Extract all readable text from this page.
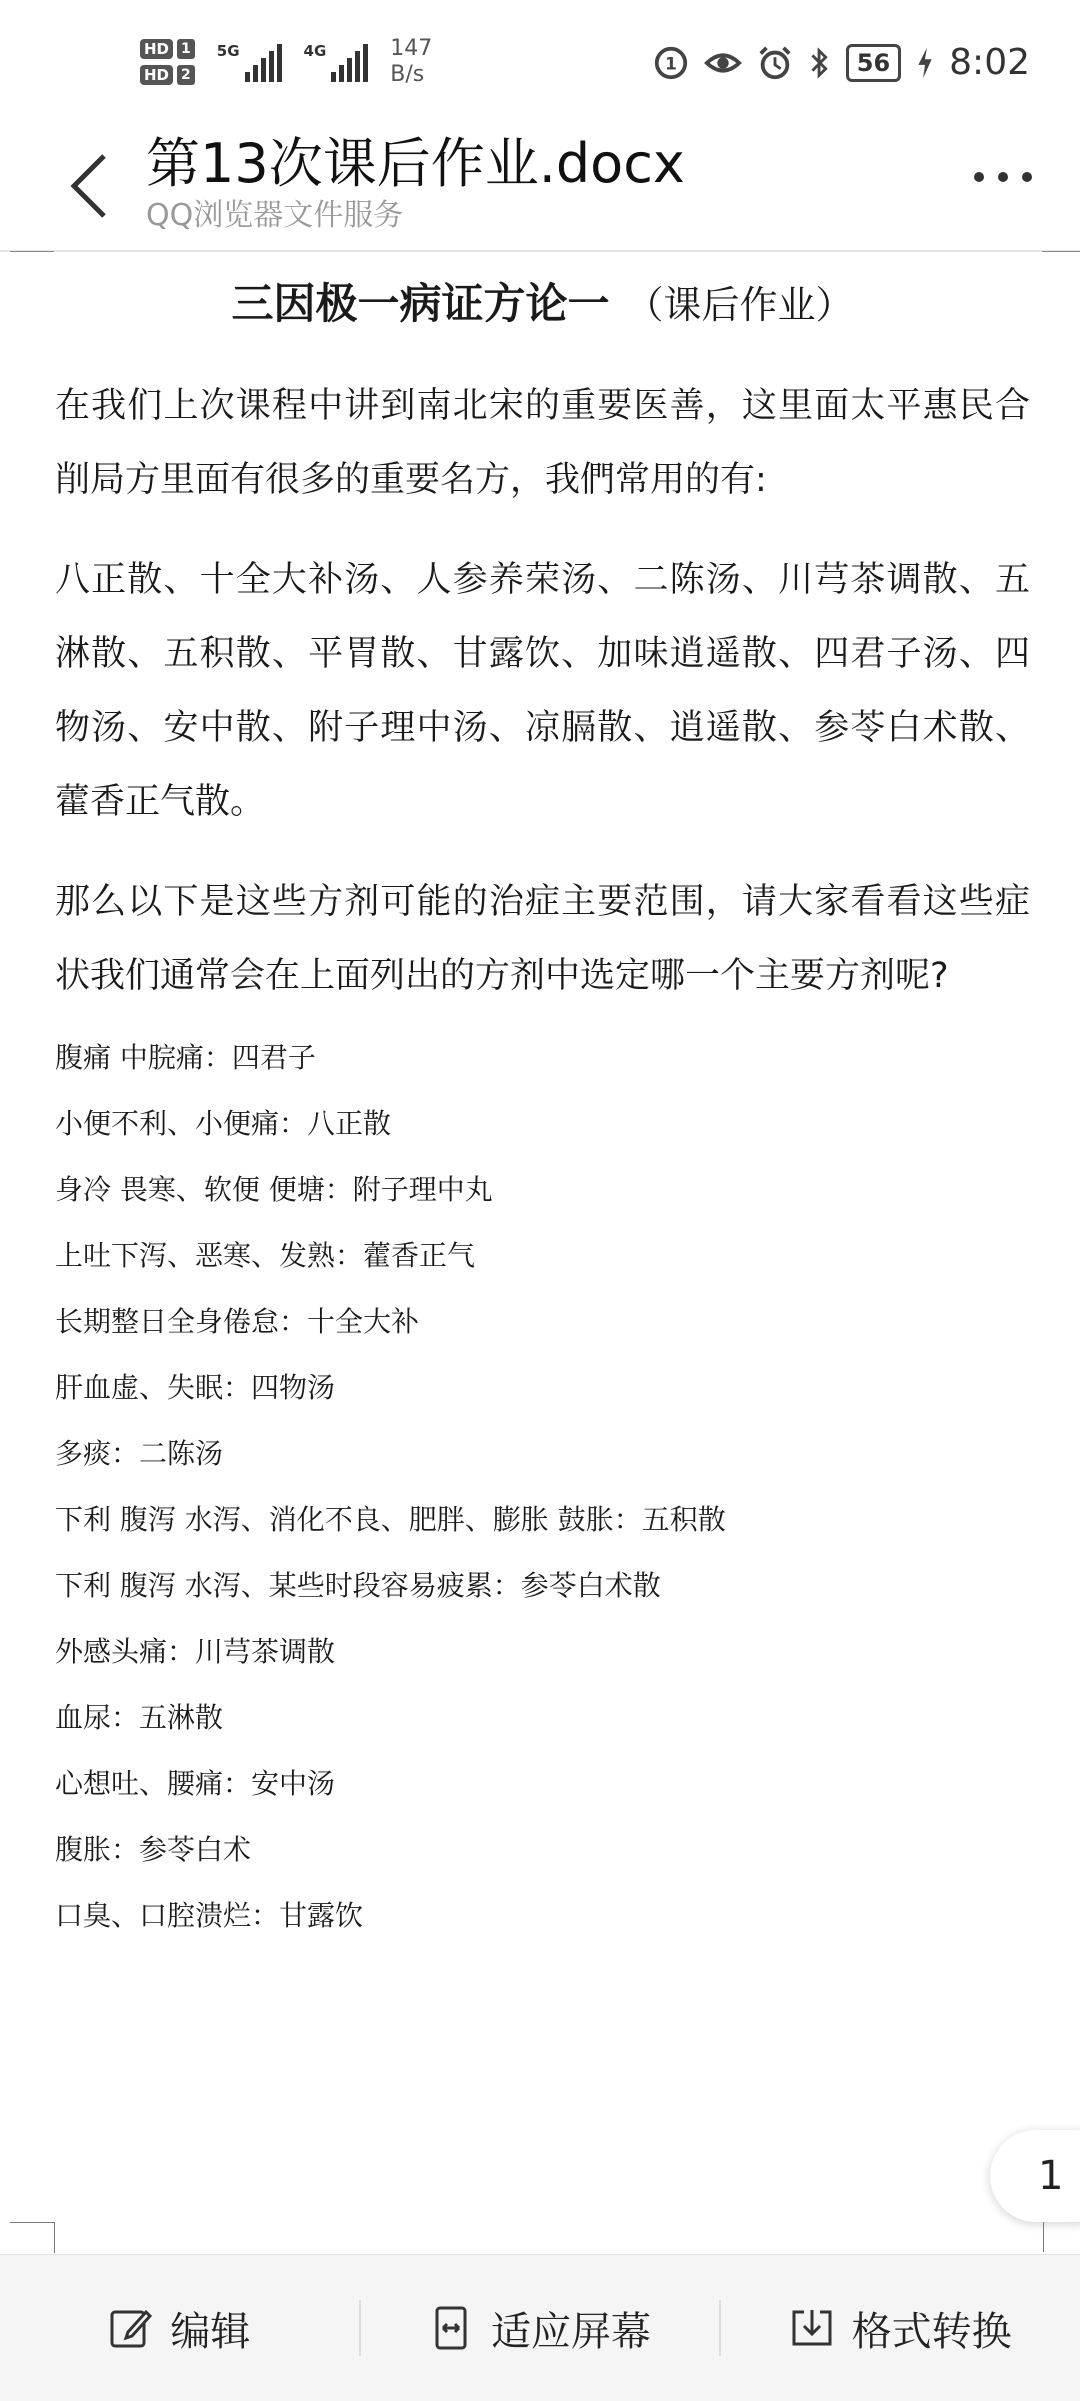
HD 1
HD 2
5G	4G	147
B/s	1	56	8:02
第13次课后作业.docx
QQ浏览器文件服务
三因极一病证方论一 （课后作业）

在我们上次课程中讲到南北宋的重要医善，这里面太平惠民合削局方里面有很多的重要名方，我們常用的有:

八正散、十全大补汤、人参养荣汤、二陈汤、川芎茶调散、五淋散、五积散、平胃散、甘露饮、加味逍遥散、四君子汤、四物汤、安中散、附子理中汤、凉膈散、逍遥散、参苓白术散、藿香正气散。

那么以下是这些方剂可能的治症主要范围，请大家看看这些症状我们通常会在上面列出的方剂中选定哪一个主要方剂呢?

腹痛 中脘痛：四君子
小便不利、小便痛：八正散
身冷 畏寒、软便 便塘：附子理中丸
上吐下泻、恶寒、发熟：藿香正气
长期整日全身倦怠：十全大补
肝血虚、失眠：四物汤
多痰：二陈汤
下利 腹泻 水泻、消化不良、肥胖、膨胀 鼓胀：五积散
下利 腹泻 水泻、某些时段容易疲累：参苓白术散
外感头痛：川芎茶调散
血尿：五淋散
心想吐、腰痛：安中汤
腹胀：参苓白术
口臭、口腔溃烂：甘露饮
1
编辑	适应屏幕	格式转换
